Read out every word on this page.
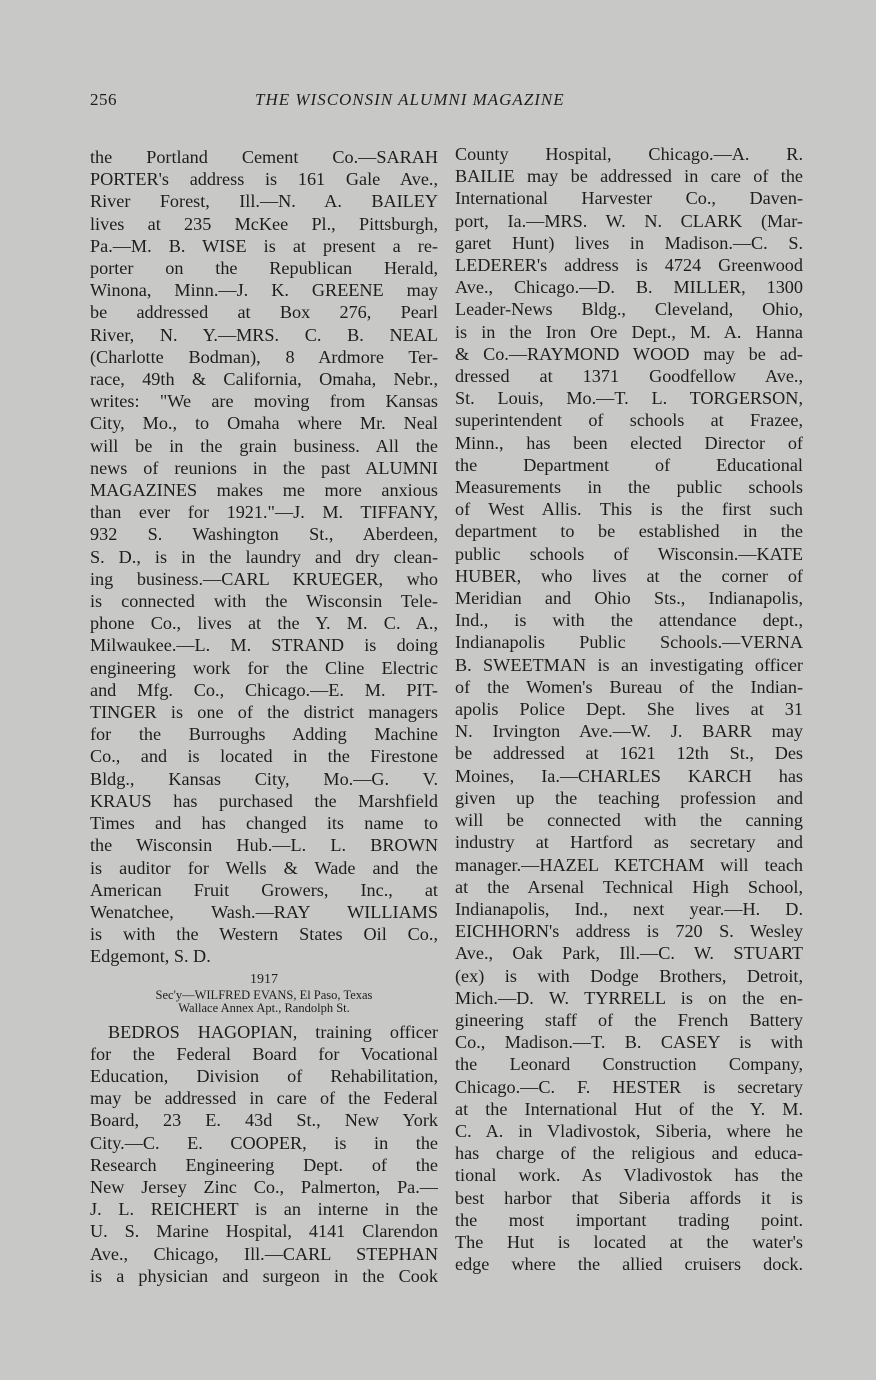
256	THE WISCONSIN ALUMNI MAGAZINE
the Portland Cement Co.—SARAH
PORTER's address is 161 Gale Ave.,
River Forest, Ill.—N. A. BAILEY
lives at 235 McKee Pl., Pittsburgh,
Pa.—M. B. WISE is at present a re-
porter on the Republican Herald,
Winona, Minn.—J. K. GREENE may
be addressed at Box 276, Pearl
River, N. Y.—MRS. C. B. NEAL
(Charlotte Bodman), 8 Ardmore Ter-
race, 49th & California, Omaha, Nebr.,
writes: "We are moving from Kansas
City, Mo., to Omaha where Mr. Neal
will be in the grain business. All the
news of reunions in the past ALUMNI
MAGAZINES makes me more anxious
than ever for 1921."—J. M. TIFFANY,
932 S. Washington St., Aberdeen,
S. D., is in the laundry and dry clean-
ing business.—CARL KRUEGER, who
is connected with the Wisconsin Tele-
phone Co., lives at the Y. M. C. A.,
Milwaukee.—L. M. STRAND is doing
engineering work for the Cline Electric
and Mfg. Co., Chicago.—E. M. PIT-
TINGER is one of the district managers
for the Burroughs Adding Machine
Co., and is located in the Firestone
Bldg., Kansas City, Mo.—G. V.
KRAUS has purchased the Marshfield
Times and has changed its name to
the Wisconsin Hub.—L. L. BROWN
is auditor for Wells & Wade and the
American Fruit Growers, Inc., at
Wenatchee, Wash.—RAY WILLIAMS
is with the Western States Oil Co.,
Edgemont, S. D.
1917
Sec'y—WILFRED EVANS, El Paso, Texas
Wallace Annex Apt., Randolph St.
BEDROS HAGOPIAN, training officer
for the Federal Board for Vocational
Education, Division of Rehabilitation,
may be addressed in care of the Federal
Board, 23 E. 43d St., New York
City.—C. E. COOPER, is in the
Research Engineering Dept. of the
New Jersey Zinc Co., Palmerton, Pa.—
J. L. REICHERT is an interne in the
U. S. Marine Hospital, 4141 Clarendon
Ave., Chicago, Ill.—CARL STEPHAN
is a physician and surgeon in the Cook
County Hospital, Chicago.—A. R.
BAILIE may be addressed in care of the
International Harvester Co., Daven-
port, Ia.—MRS. W. N. CLARK (Mar-
garet Hunt) lives in Madison.—C. S.
LEDERER's address is 4724 Greenwood
Ave., Chicago.—D. B. MILLER, 1300
Leader-News Bldg., Cleveland, Ohio,
is in the Iron Ore Dept., M. A. Hanna
& Co.—RAYMOND WOOD may be ad-
dressed at 1371 Goodfellow Ave.,
St. Louis, Mo.—T. L. TORGERSON,
superintendent of schools at Frazee,
Minn., has been elected Director of
the Department of Educational
Measurements in the public schools
of West Allis. This is the first such
department to be established in the
public schools of Wisconsin.—KATE
HUBER, who lives at the corner of
Meridian and Ohio Sts., Indianapolis,
Ind., is with the attendance dept.,
Indianapolis Public Schools.—VERNA
B. SWEETMAN is an investigating officer
of the Women's Bureau of the Indian-
apolis Police Dept. She lives at 31
N. Irvington Ave.—W. J. BARR may
be addressed at 1621 12th St., Des
Moines, Ia.—CHARLES KARCH has
given up the teaching profession and
will be connected with the canning
industry at Hartford as secretary and
manager.—HAZEL KETCHAM will teach
at the Arsenal Technical High School,
Indianapolis, Ind., next year.—H. D.
EICHHORN's address is 720 S. Wesley
Ave., Oak Park, Ill.—C. W. STUART
(ex) is with Dodge Brothers, Detroit,
Mich.—D. W. TYRRELL is on the en-
gineering staff of the French Battery
Co., Madison.—T. B. CASEY is with
the Leonard Construction Company,
Chicago.—C. F. HESTER is secretary
at the International Hut of the Y. M.
C. A. in Vladivostok, Siberia, where he
has charge of the religious and educa-
tional work. As Vladivostok has the
best harbor that Siberia affords it is
the most important trading point.
The Hut is located at the water's
edge where the allied cruisers dock.
